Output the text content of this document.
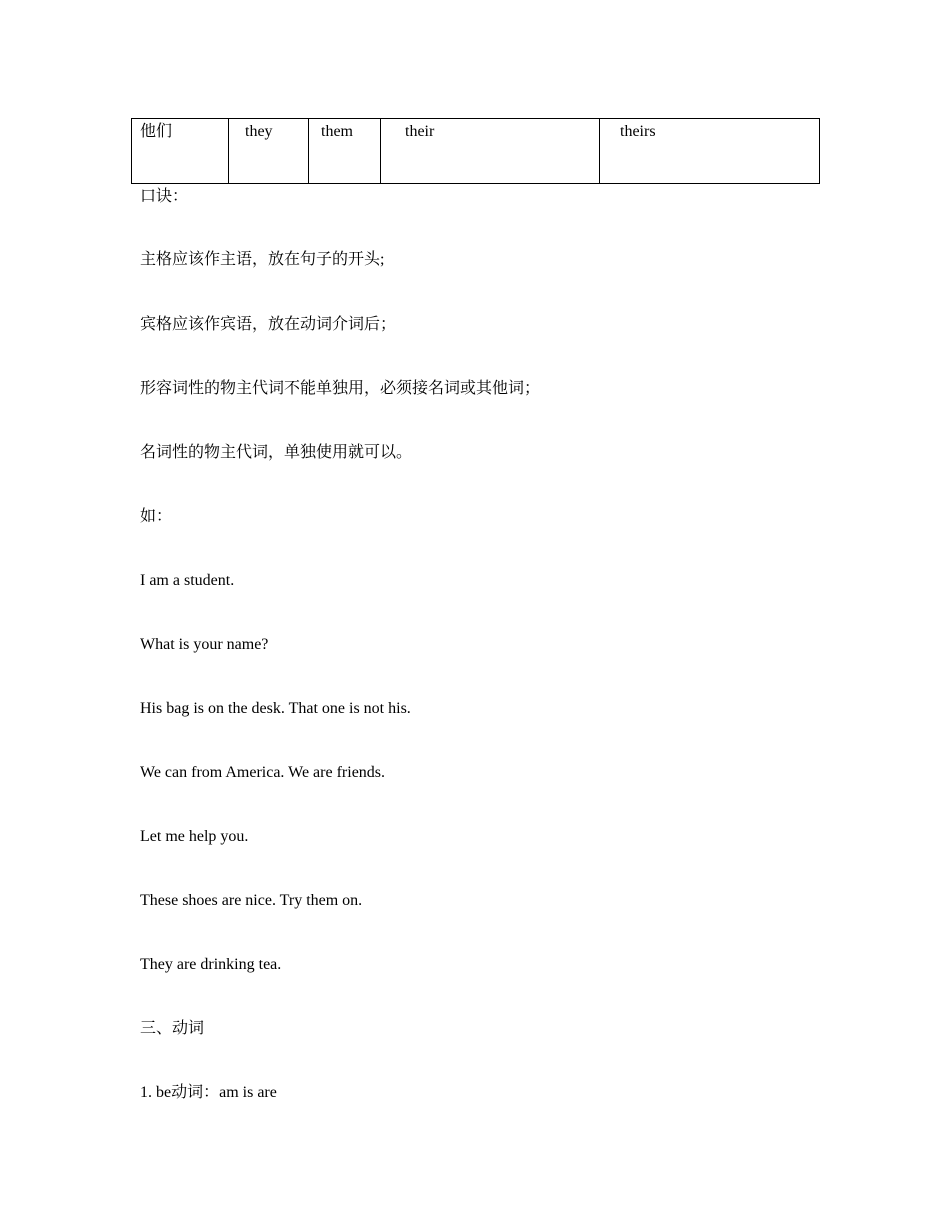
他们	they	them	their	theirs

口诀：

主格应该作主语，放在句子的开头;

宾格应该作宾语，放在动词介词后；

形容词性的物主代词不能单独用，必须接名词或其他词；

名词性的物主代词，单独使用就可以。

如：

I am a student.

What is your name?

His bag is on the desk. That one is not his.

We can from America. We are friends.

Let me help you.

These shoes are nice. Try them on.

They are drinking tea.

三、动词

1. be动词：am is are
